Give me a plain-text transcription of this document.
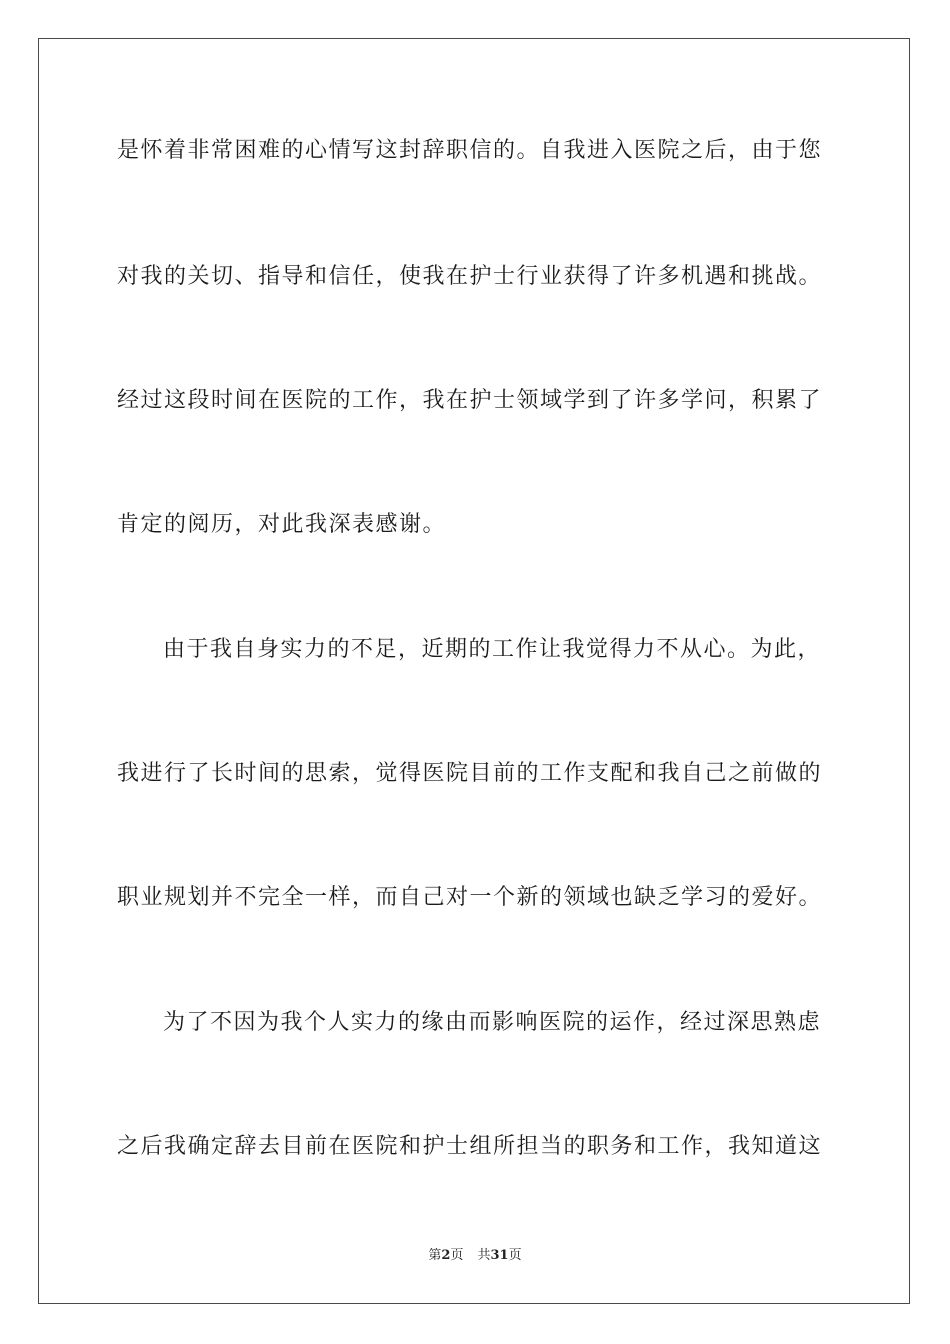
是怀着非常困难的心情写这封辞职信的。自我进入医院之后，由于您
对我的关切、指导和信任，使我在护士行业获得了许多机遇和挑战。
经过这段时间在医院的工作，我在护士领域学到了许多学问，积累了
肯定的阅历，对此我深表感谢。
由于我自身实力的不足，近期的工作让我觉得力不从心。为此，
我进行了长时间的思索，觉得医院目前的工作支配和我自己之前做的
职业规划并不完全一样，而自己对一个新的领域也缺乏学习的爱好。
为了不因为我个人实力的缘由而影响医院的运作，经过深思熟虑
之后我确定辞去目前在医院和护士组所担当的职务和工作，我知道这
第2页 共31页
